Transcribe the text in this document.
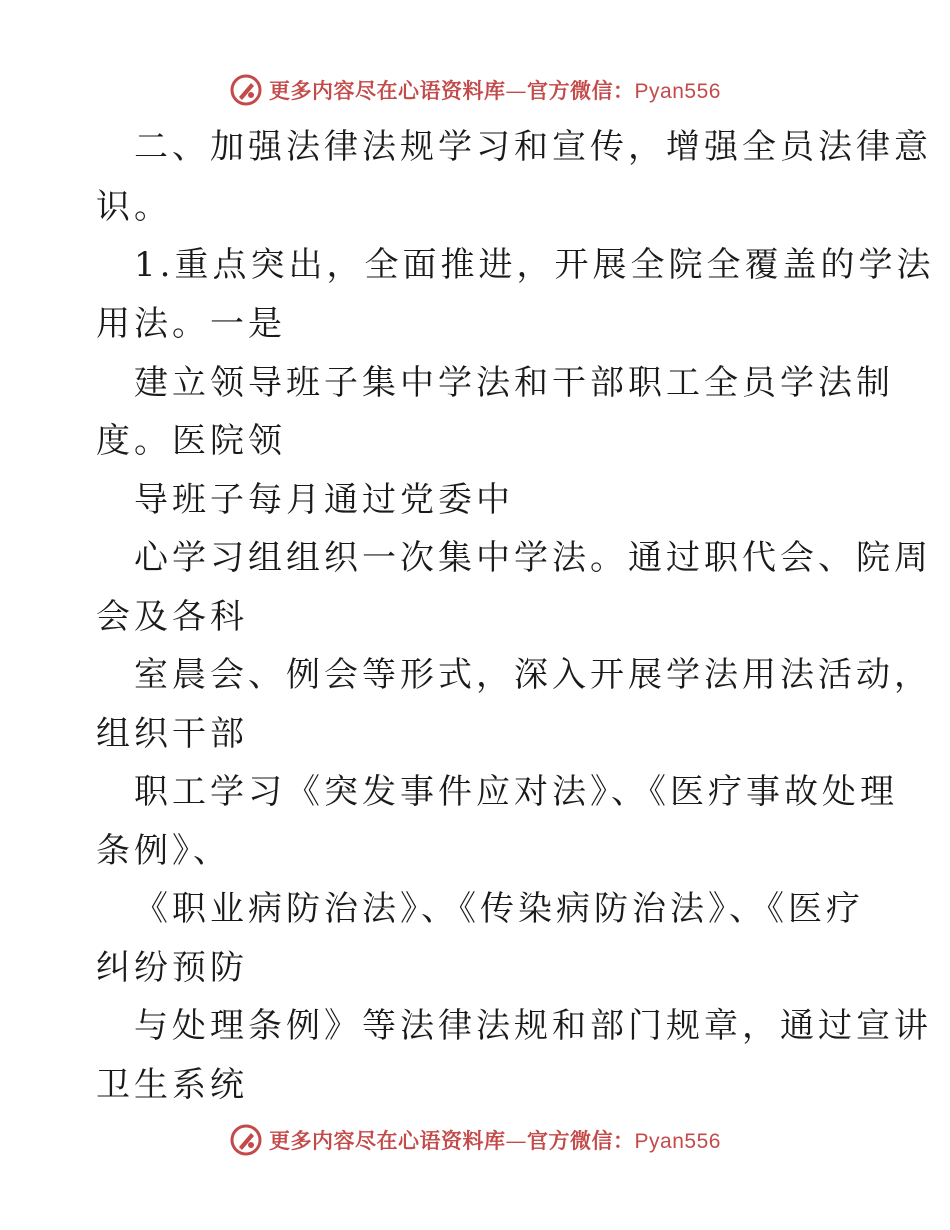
更多内容尽在心语资料库—官方微信：Pyan556
二、加强法律法规学习和宣传，增强全员法律意
识。
1.重点突出，全面推进，开展全院全覆盖的学法
用法。一是
建立领导班子集中学法和干部职工全员学法制
度。医院领
导班子每月通过党委中
心学习组组织一次集中学法。通过职代会、院周
会及各科
室晨会、例会等形式，深入开展学法用法活动，
组织干部
职工学习《突发事件应对法》、《医疗事故处理
条例》、
《职业病防治法》、《传染病防治法》、《医疗
纠纷预防
与处理条例》等法律法规和部门规章，通过宣讲
卫生系统
更多内容尽在心语资料库—官方微信：Pyan556
